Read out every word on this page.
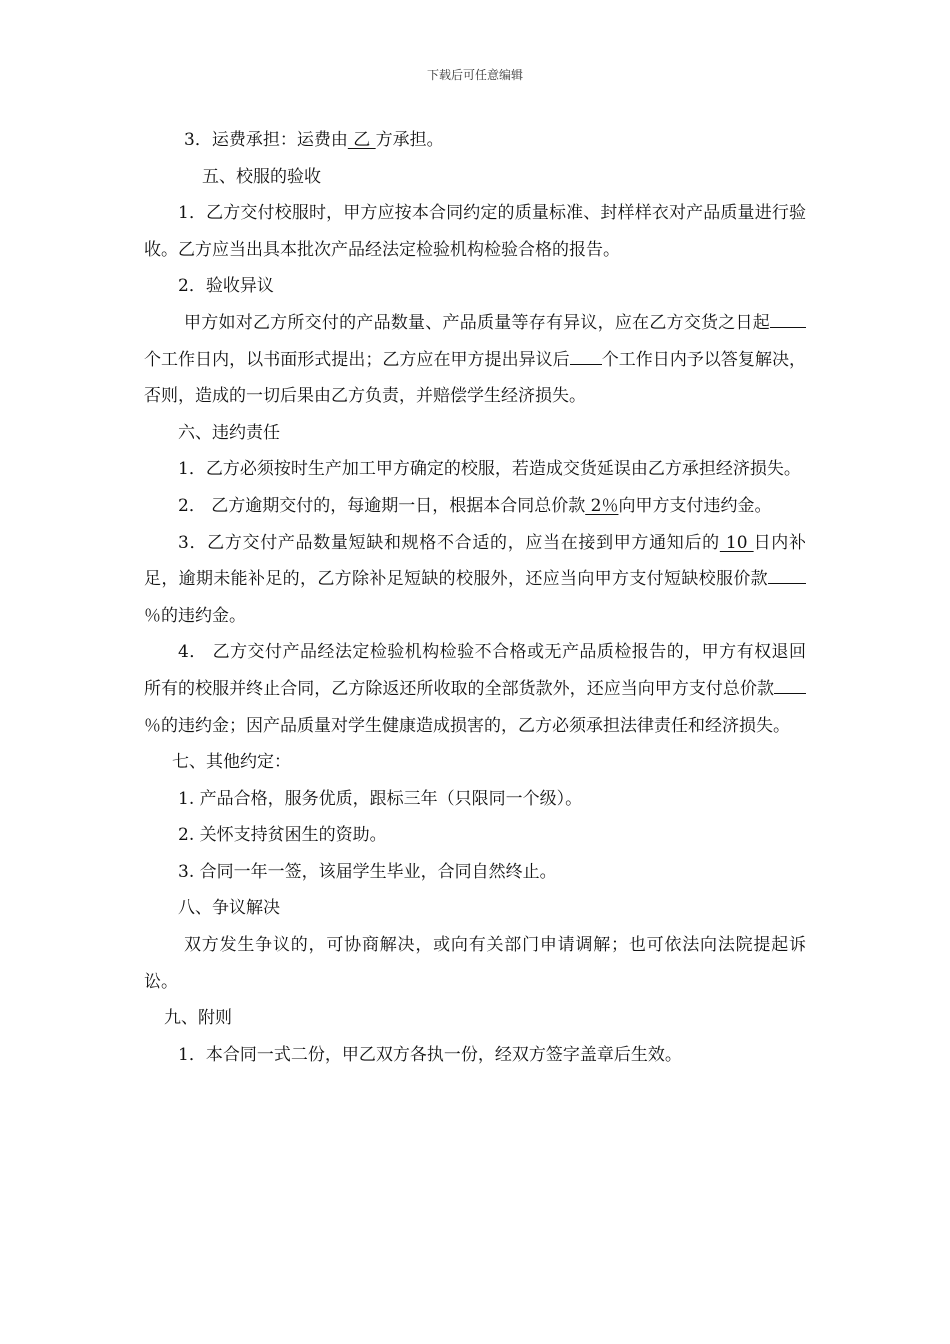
下载后可任意编辑

3．运费承担：运费由 乙 方承担。

五、校服的验收

1．乙方交付校服时，甲方应按本合同约定的质量标准、封样样衣对产品质量进行验收。乙方应当出具本批次产品经法定检验机构检验合格的报告。

2．验收异议

甲方如对乙方所交付的产品数量、产品质量等存有异议，应在乙方交货之日起个工作日内，以书面形式提出；乙方应在甲方提出异议后 个工作日内予以答复解决，否则，造成的一切后果由乙方负责，并赔偿学生经济损失。

六、违约责任

1．乙方必须按时生产加工甲方确定的校服，若造成交货延误由乙方承担经济损失。

2． 乙方逾期交付的，每逾期一日，根据本合同总价款 2％向甲方支付违约金。

3．乙方交付产品数量短缺和规格不合适的，应当在接到甲方通知后的 10 日内补足，逾期未能补足的，乙方除补足短缺的校服外，还应当向甲方支付短缺校服价款％的违约金。

4． 乙方交付产品经法定检验机构检验不合格或无产品质检报告的，甲方有权退回所有的校服并终止合同，乙方除返还所收取的全部货款外，还应当向甲方支付总价款％的违约金；因产品质量对学生健康造成损害的，乙方必须承担法律责任和经济损失。

七、其他约定：

1. 产品合格，服务优质，跟标三年（只限同一个级）。

2. 关怀支持贫困生的资助。

3. 合同一年一签，该届学生毕业，合同自然终止。

八、争议解决

双方发生争议的，可协商解决，或向有关部门申请调解；也可依法向法院提起诉讼。

九、附则

1．本合同一式二份，甲乙双方各执一份，经双方签字盖章后生效。
